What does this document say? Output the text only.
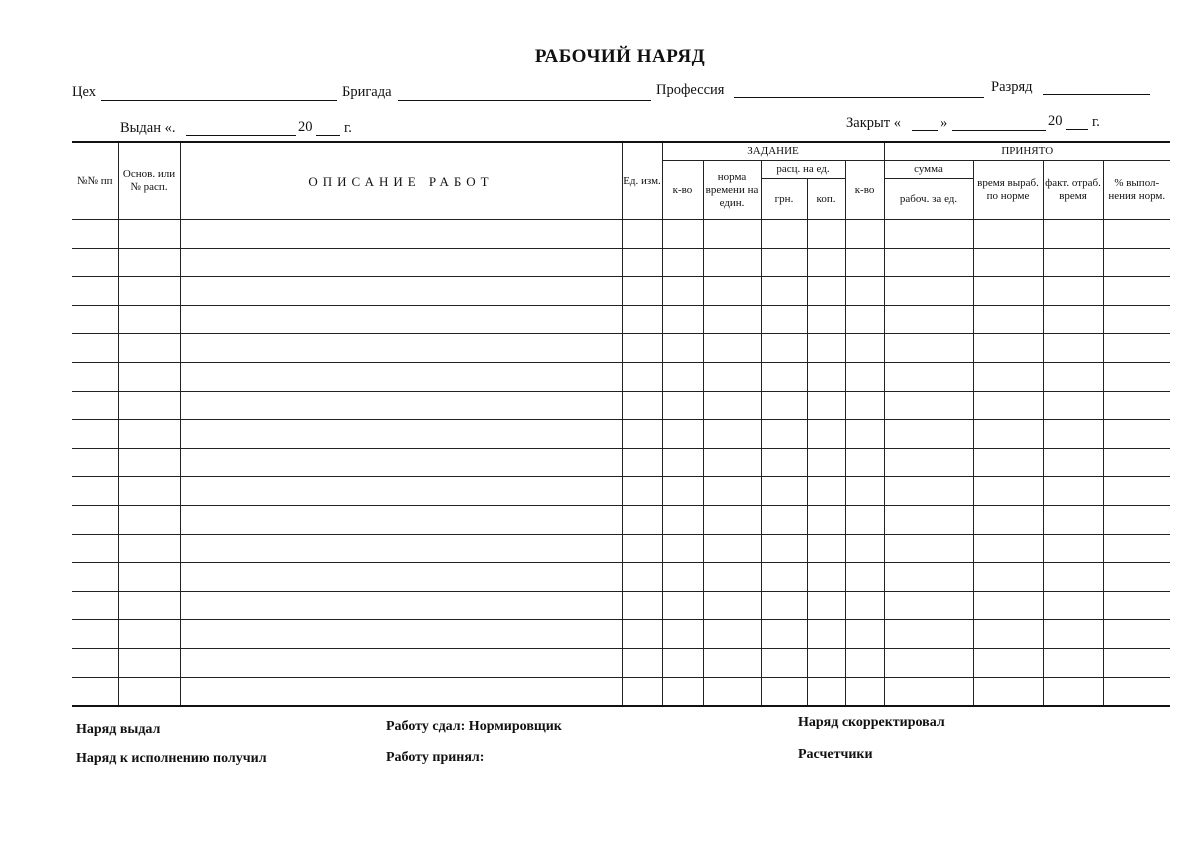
РАБОЧИЙ НАРЯД
Цех	Бригада	Профессия	Разряд
Выдан «.	20 г.	Закрыт «	»	20 г.
№№ пп	Основ. или № расп.	ОПИСАНИЕ РАБОТ	Ед. изм.	ЗАДАНИЕ					ПРИНЯТО			
				к-во	норма времени на един.	расц. на ед.		к-во	сумма	время выраб. по норме	факт. отраб. время	% выпол-нения норм.
						грн.	коп.		рабоч. за ед.			

Наряд выдал
Наряд к исполнению получил
Работу сдал: Нормировщик
Работу принял:
Наряд скорректировал
Расчетчики
